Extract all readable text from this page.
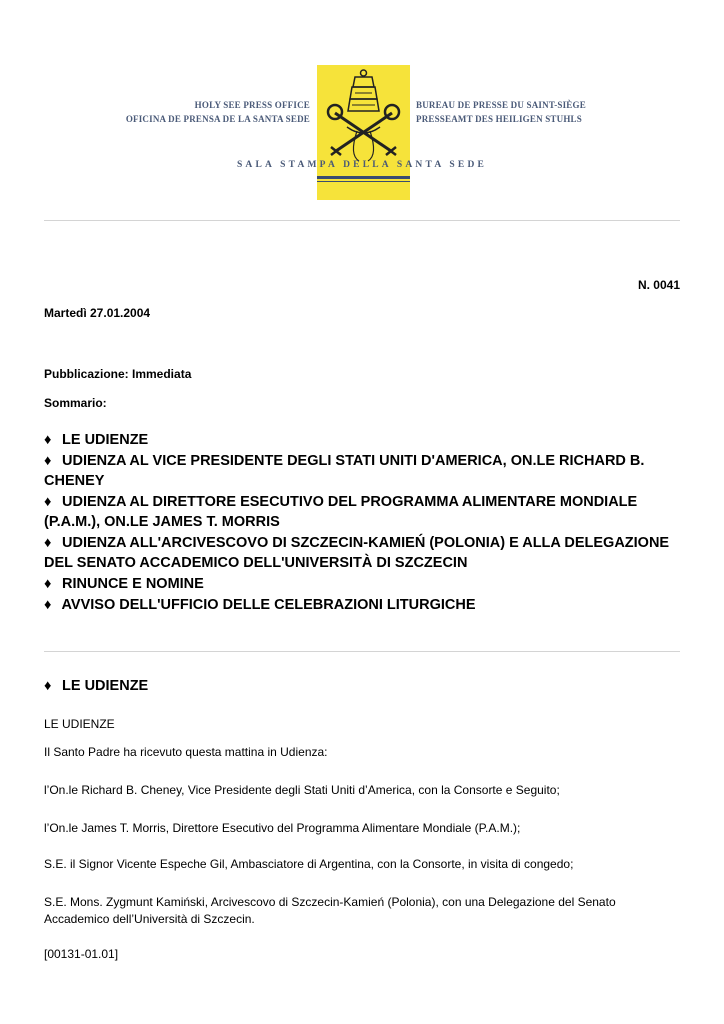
HOLY SEE PRESS OFFICE
OFICINA DE PRENSA DE LA SANTA SEDE
BUREAU DE PRESSE DU SAINT-SIÈGE
PRESSEAMT DES HEILIGEN STUHLS
SALA STAMPA DELLA SANTA SEDE
N. 0041
Martedì 27.01.2004
Pubblicazione: Immediata
Sommario:
♦ LE UDIENZE
♦ UDIENZA AL VICE PRESIDENTE DEGLI STATI UNITI D'AMERICA, ON.LE RICHARD B. CHENEY
♦ UDIENZA AL DIRETTORE ESECUTIVO DEL PROGRAMMA ALIMENTARE MONDIALE (P.A.M.), ON.LE JAMES T. MORRIS
♦ UDIENZA ALL'ARCIVESCOVO DI SZCZECIN-KAMIEŃ (POLONIA) E ALLA DELEGAZIONE DEL SENATO ACCADEMICO DELL'UNIVERSITÀ DI SZCZECIN
♦ RINUNCE E NOMINE
♦ AVVISO DELL'UFFICIO DELLE CELEBRAZIONI LITURGICHE
♦ LE UDIENZE
LE UDIENZE
Il Santo Padre ha ricevuto questa mattina in Udienza:
l’On.le Richard B. Cheney, Vice Presidente degli Stati Uniti d’America, con la Consorte e Seguito;
l’On.le James T. Morris, Direttore Esecutivo del Programma Alimentare Mondiale (P.A.M.);
S.E. il Signor Vicente Espeche Gil, Ambasciatore di Argentina, con la Consorte, in visita di congedo;
S.E. Mons. Zygmunt Kamiński, Arcivescovo di Szczecin-Kamień (Polonia), con una Delegazione del Senato Accademico dell’Università di Szczecin.
[00131-01.01]
